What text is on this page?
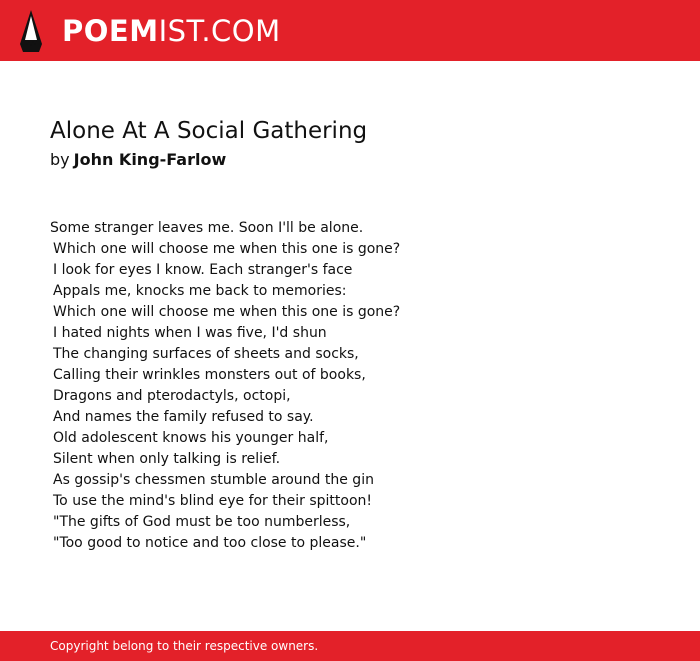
POEMIST.COM
Alone At A Social Gathering
by John King-Farlow
Some stranger leaves me. Soon I'll be alone.
Which one will choose me when this one is gone?
I look for eyes I know. Each stranger's face
Appals me, knocks me back to memories:
Which one will choose me when this one is gone?
I hated nights when I was five, I'd shun
The changing surfaces of sheets and socks,
Calling their wrinkles monsters out of books,
Dragons and pterodactyls, octopi,
And names the family refused to say.
Old adolescent knows his younger half,
Silent when only talking is relief.
As gossip's chessmen stumble around the gin
To use the mind's blind eye for their spittoon!
"The gifts of God must be too numberless,
"Too good to notice and too close to please."
Copyright belong to their respective owners.
